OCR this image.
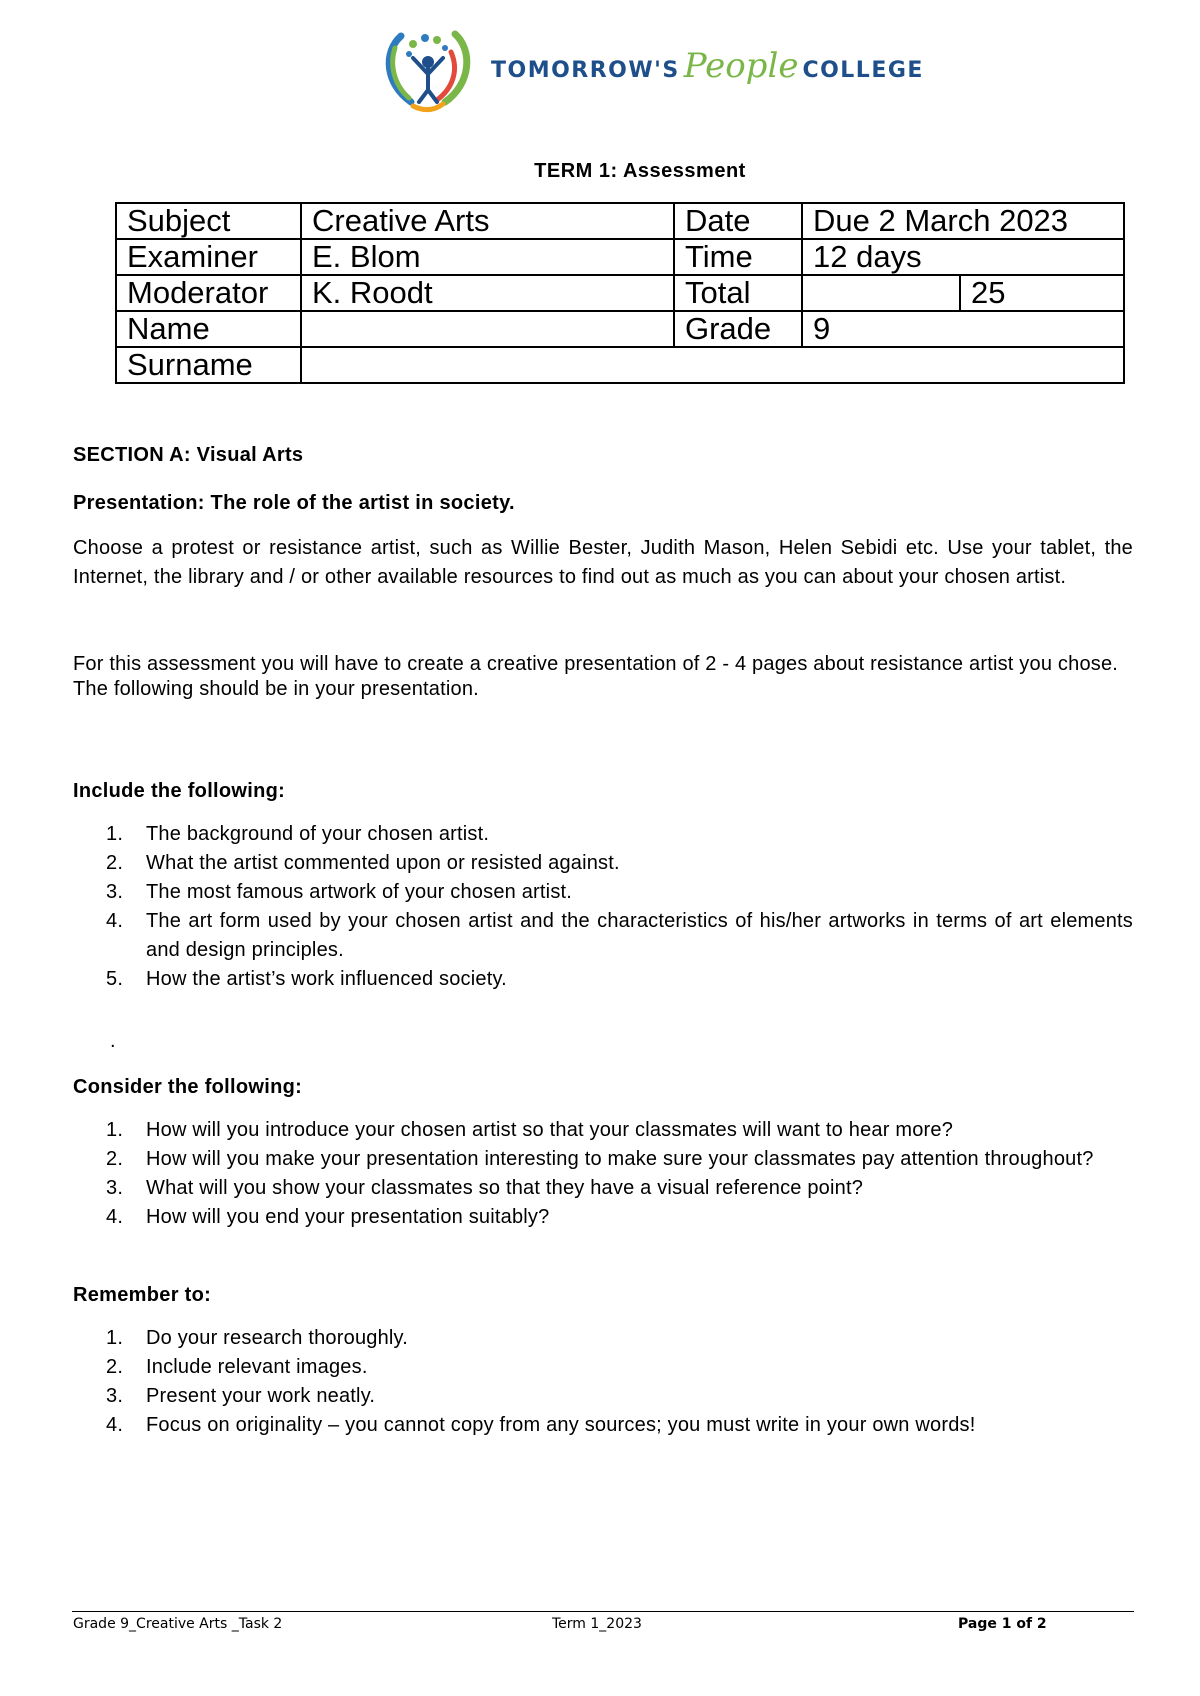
TOMORROW'S People COLLEGE
TERM 1: Assessment
Subject	Creative Arts	Date	Due 2 March 2023	
Examiner	E. Blom	Time	12 days	
Moderator	K. Roodt	Total		25
Name		Grade	9	
Surname				
SECTION A: Visual Arts
Presentation: The role of the artist in society.
Choose a protest or resistance artist, such as Willie Bester, Judith Mason, Helen Sebidi etc. Use your tablet, the Internet, the library and / or other available resources to find out as much as you can about your chosen artist.
For this assessment you will have to create a creative presentation of 2 - 4 pages about resistance artist you chose. The following should be in your presentation.
Include the following:
1. The background of your chosen artist.
2. What the artist commented upon or resisted against.
3. The most famous artwork of your chosen artist.
4. The art form used by your chosen artist and the characteristics of his/her artworks in terms of art elements and design principles.
5. How the artist’s work influenced society.
.
Consider the following:
1. How will you introduce your chosen artist so that your classmates will want to hear more?
2. How will you make your presentation interesting to make sure your classmates pay attention throughout?
3. What will you show your classmates so that they have a visual reference point?
4. How will you end your presentation suitably?
Remember to:
1. Do your research thoroughly.
2. Include relevant images.
3. Present your work neatly.
4. Focus on originality – you cannot copy from any sources; you must write in your own words!
Grade 9_Creative Arts _Task 2	Term 1_2023	Page 1 of 2
